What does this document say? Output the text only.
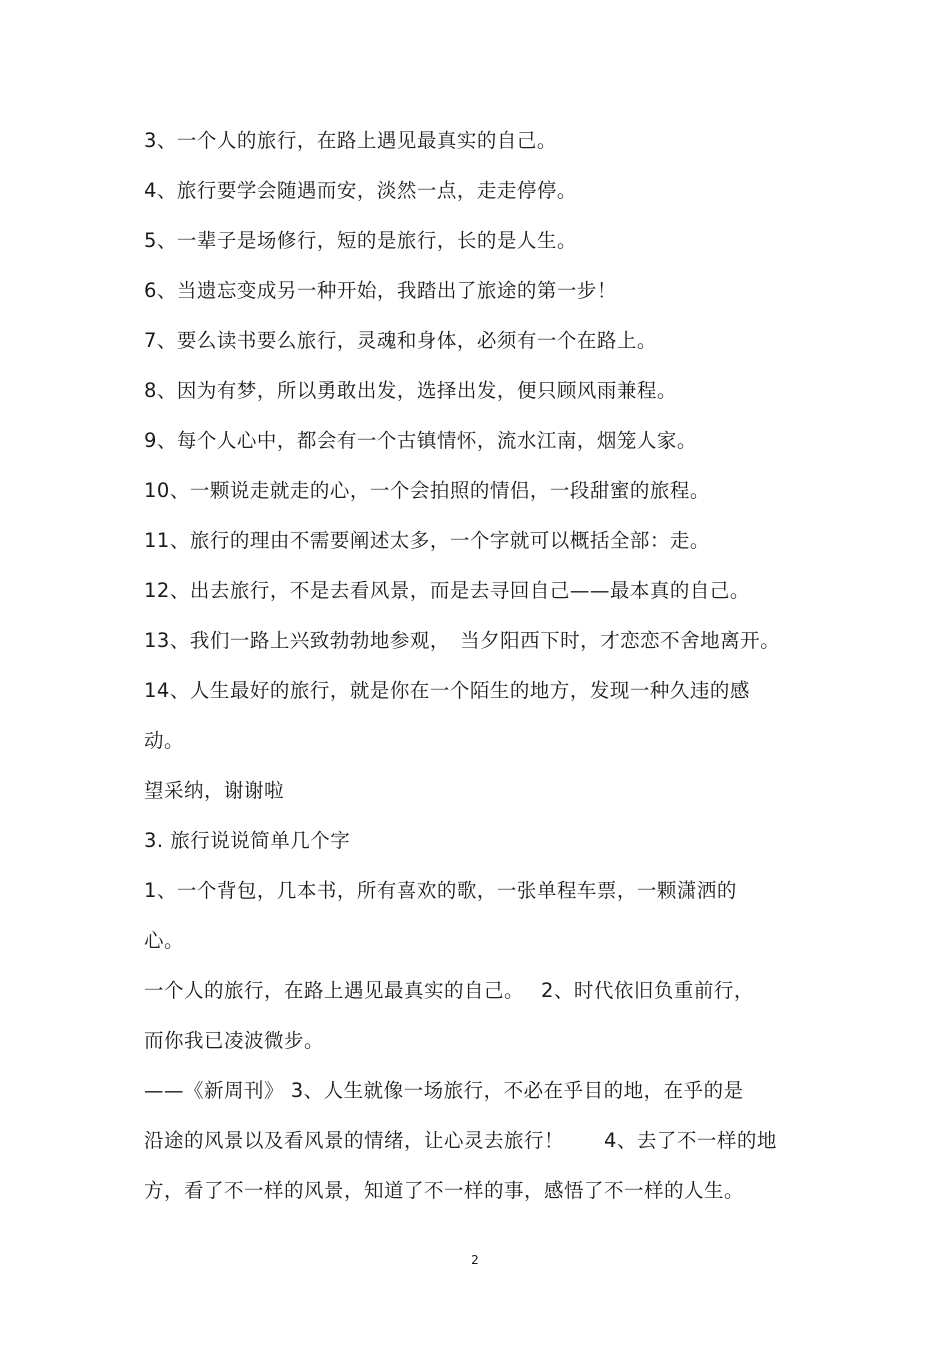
3、一个人的旅行，在路上遇见最真实的自己。
4、旅行要学会随遇而安，淡然一点，走走停停。
5、一辈子是场修行，短的是旅行，长的是人生。
6、当遗忘变成另一种开始，我踏出了旅途的第一步！
7、要么读书要么旅行，灵魂和身体，必须有一个在路上。
8、因为有梦，所以勇敢出发，选择出发，便只顾风雨兼程。
9、每个人心中，都会有一个古镇情怀，流水江南，烟笼人家。
10、一颗说走就走的心，一个会拍照的情侣，一段甜蜜的旅程。
11、旅行的理由不需要阐述太多，一个字就可以概括全部：走。
12、出去旅行，不是去看风景，而是去寻回自己——最本真的自己。
13、我们一路上兴致勃勃地参观，　当夕阳西下时，才恋恋不舍地离开。
14、人生最好的旅行，就是你在一个陌生的地方，发现一种久违的感
动。
望采纳，谢谢啦
3. 旅行说说简单几个字
1、一个背包，几本书，所有喜欢的歌，一张单程车票，一颗潇洒的
心。
一个人的旅行，在路上遇见最真实的自己。　 2、时代依旧负重前行，
而你我已凌波微步。
——《新周刊》 3、人生就像一场旅行，不必在乎目的地，在乎的是
沿途的风景以及看风景的情绪，让心灵去旅行！　　4、去了不一样的地
方，看了不一样的风景，知道了不一样的事，感悟了不一样的人生。
2
